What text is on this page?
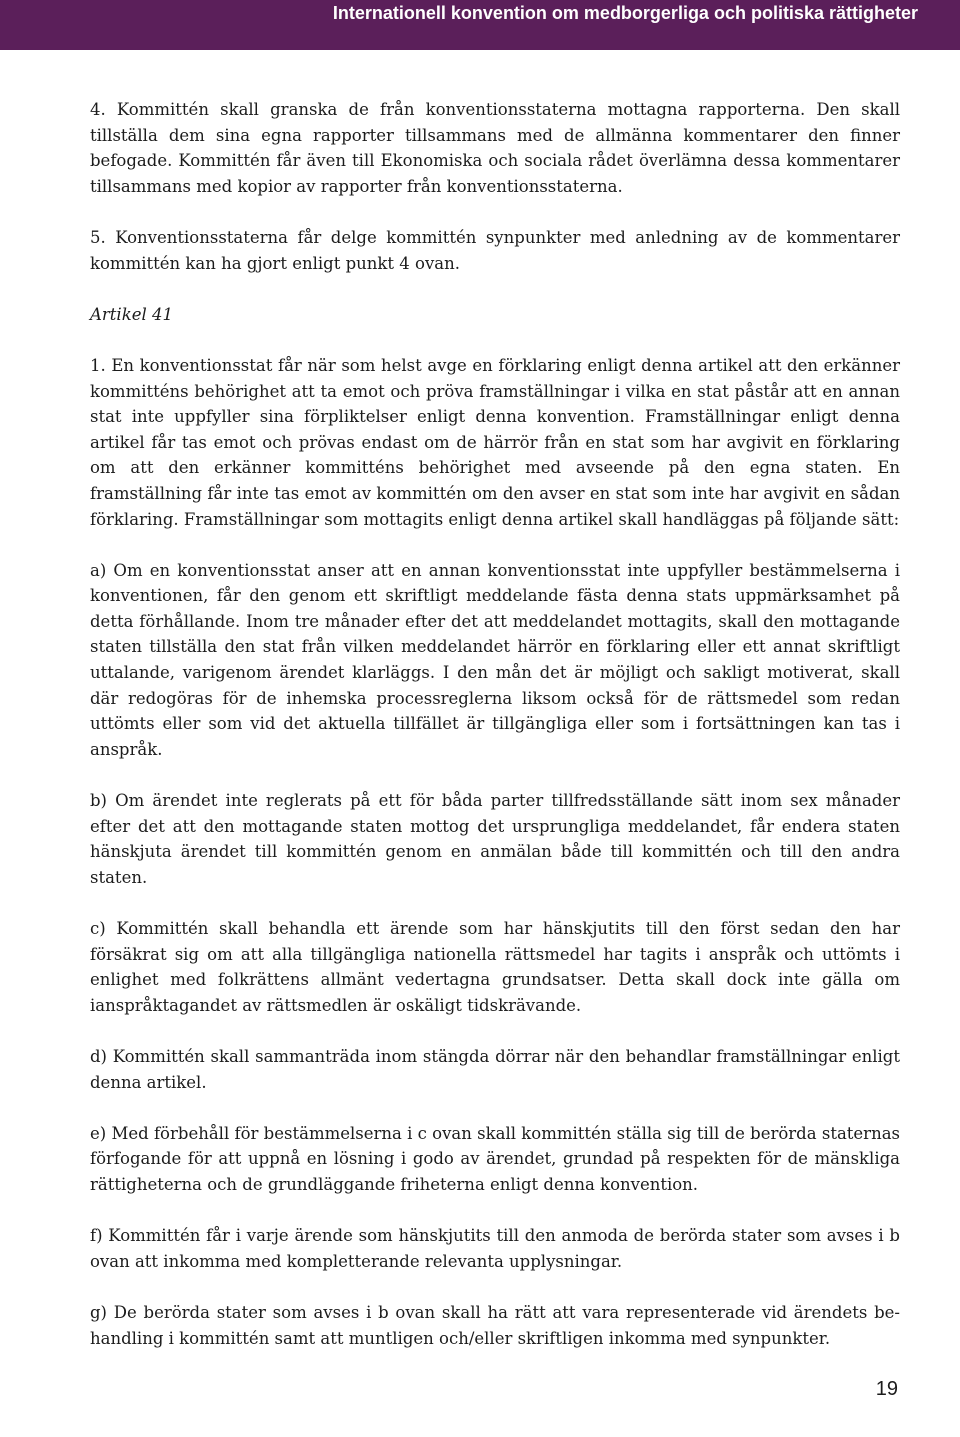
Internationell konvention om medborgerliga och politiska rättigheter

4. Kommittén skall granska de från konventionsstaterna mottagna rapporterna. Den skall tillställa dem sina egna rapporter tillsammans med de allmänna kommentarer den finner befogade. Kommittén får även till Ekonomiska och sociala rådet överlämna dessa kommentarer tillsammans med kopior av rapporter från konventionsstaterna.

5. Konventionsstaterna får delge kommittén synpunkter med anledning av de kommentarer kommittén kan ha gjort enligt punkt 4 ovan.

Artikel 41

1. En konventionsstat får när som helst avge en förklaring enligt denna artikel att den erkänner kommitténs behörighet att ta emot och pröva framställningar i vilka en stat påstår att en annan stat inte uppfyller sina förpliktelser enligt denna konvention. Framställningar enligt denna artikel får tas emot och prövas endast om de härrör från en stat som har avgivit en förklaring om att den erkänner kommitténs behörighet med avseende på den egna staten. En framställning får inte tas emot av kommittén om den avser en stat som inte har avgivit en sådan förklaring. Framställningar som mottagits enligt denna artikel skall handläggas på följande sätt:

a) Om en konventionsstat anser att en annan konventionsstat inte uppfyller bestämmelserna i konventionen, får den genom ett skriftligt meddelande fästa denna stats uppmärksamhet på detta förhållande. Inom tre månader efter det att meddelandet mottagits, skall den mottagande staten tillställa den stat från vilken meddelandet härrör en förklaring eller ett annat skriftligt uttalande, varigenom ärendet klarläggs. I den mån det är möjligt och sakligt motiverat, skall där redogöras för de inhemska processreglerna liksom också för de rättsmedel som redan uttömts eller som vid det aktuella tillfället är tillgängliga eller som i fortsättningen kan tas i anspråk.

b) Om ärendet inte reglerats på ett för båda parter tillfredsställande sätt inom sex månader efter det att den mottagande staten mottog det ursprungliga meddelandet, får endera staten hänskjuta ärendet till kommittén genom en anmälan både till kommittén och till den andra staten.

c) Kommittén skall behandla ett ärende som har hänskjutits till den först sedan den har försäkrat sig om att alla tillgängliga nationella rättsmedel har tagits i anspråk och uttömts i enlighet med folkrättens allmänt vedertagna grundsatser. Detta skall dock inte gälla om ianspråktagandet av rättsmedlen är oskäligt tidskrävande.

d) Kommittén skall sammanträda inom stängda dörrar när den behandlar framställningar enligt denna artikel.

e) Med förbehåll för bestämmelserna i c ovan skall kommittén ställa sig till de berörda staternas förfogande för att uppnå en lösning i godo av ärendet, grundad på respekten för de mänskliga rättigheterna och de grundläggande friheterna enligt denna konvention.

f) Kommittén får i varje ärende som hänskjutits till den anmoda de berörda stater som avses i b ovan att inkomma med kompletterande relevanta upplysningar.

g) De berörda stater som avses i b ovan skall ha rätt att vara representerade vid ärendets behandling i kommittén samt att muntligen och/eller skriftligen inkomma med synpunkter.

19
